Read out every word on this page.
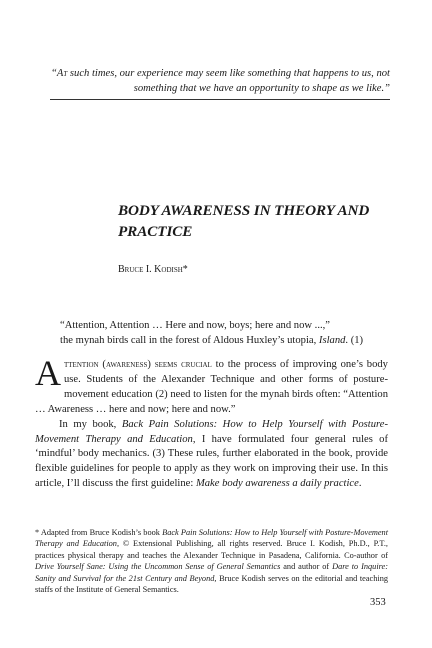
“At such times, our experience may seem like something that happens to us, not something that we have an opportunity to shape as we like.”
BODY AWARENESS IN THEORY AND PRACTICE
Bruce I. Kodish*
“Attention, Attention … Here and now, boys; here and now ...,”
the mynah birds call in the forest of Aldous Huxley’s utopia, Island. (1)

Attention (awareness) seems crucial to the process of improving one’s body use. Students of the Alexander Technique and other forms of posture-movement education (2) need to listen for the mynah birds often: “Attention … Awareness … here and now; here and now.”

In my book, Back Pain Solutions: How to Help Yourself with Posture-Movement Therapy and Education, I have formulated four general rules of ‘mindful’ body mechanics. (3) These rules, further elaborated in the book, provide flexible guidelines for people to apply as they work on improving their use. In this article, I’ll discuss the first guideline: Make body awareness a daily practice.

* Adapted from Bruce Kodish’s book Back Pain Solutions: How to Help Yourself with Posture-Movement Therapy and Education, © Extensional Publishing, all rights reserved. Bruce I. Kodish, Ph.D., P.T., practices physical therapy and teaches the Alexander Technique in Pasadena, California. Co-author of Drive Yourself Sane: Using the Uncommon Sense of General Semantics and author of Dare to Inquire: Sanity and Survival for the 21st Century and Beyond, Bruce Kodish serves on the editorial and teaching staffs of the Institute of General Semantics.
353
